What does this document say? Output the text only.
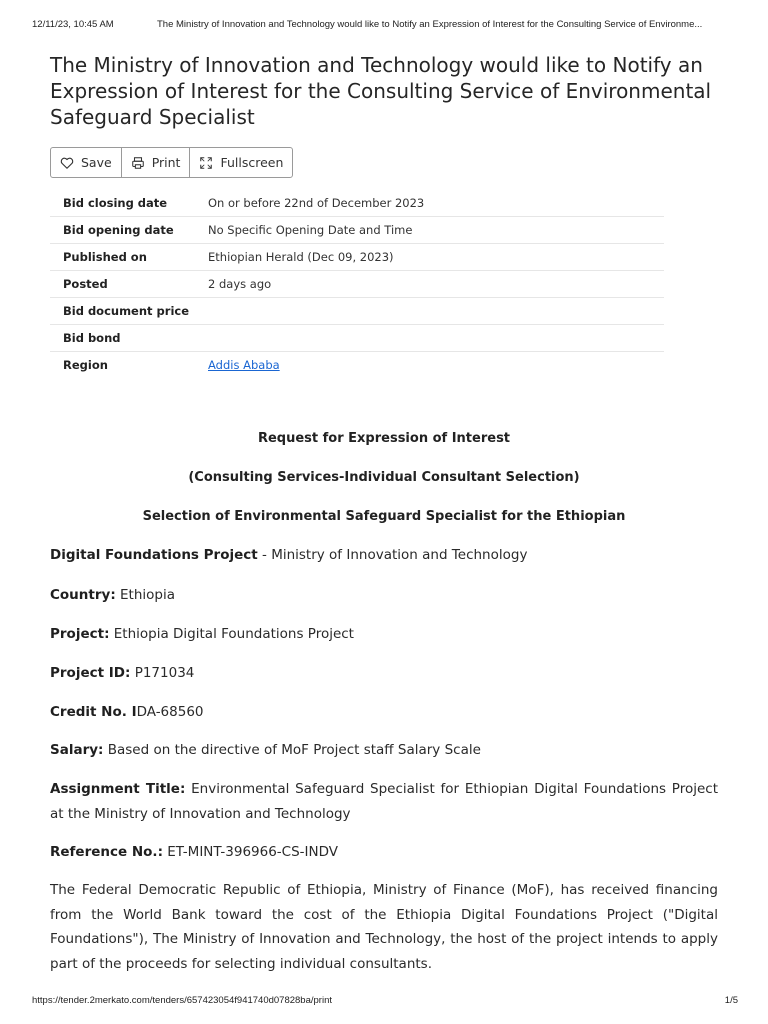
12/11/23, 10:45 AM	The Ministry of Innovation and Technology would like to Notify an Expression of Interest for the Consulting Service of Environme...
The Ministry of Innovation and Technology would like to Notify an Expression of Interest for the Consulting Service of Environmental Safeguard Specialist
Save	Print	Fullscreen
Bid closing date	On or before 22nd of December 2023
Bid opening date	No Specific Opening Date and Time
Published on	Ethiopian Herald (Dec 09, 2023)
Posted	2 days ago
Bid document price	
Bid bond	
Region	Addis Ababa
Request for Expression of Interest
(Consulting Services-Individual Consultant Selection)
Selection of Environmental Safeguard Specialist for the Ethiopian
Digital Foundations Project - Ministry of Innovation and Technology
Country: Ethiopia
Project: Ethiopia Digital Foundations Project
Project ID: P171034
Credit No. IDA-68560
Salary: Based on the directive of MoF Project staff Salary Scale
Assignment Title: Environmental Safeguard Specialist for Ethiopian Digital Foundations Project at the Ministry of Innovation and Technology
Reference No.: ET-MINT-396966-CS-INDV
The Federal Democratic Republic of Ethiopia, Ministry of Finance (MoF), has received financing from the World Bank toward the cost of the Ethiopia Digital Foundations Project ("Digital Foundations"), The Ministry of Innovation and Technology, the host of the project intends to apply part of the proceeds for selecting individual consultants.
https://tender.2merkato.com/tenders/657423054f941740d07828ba/print	1/5
